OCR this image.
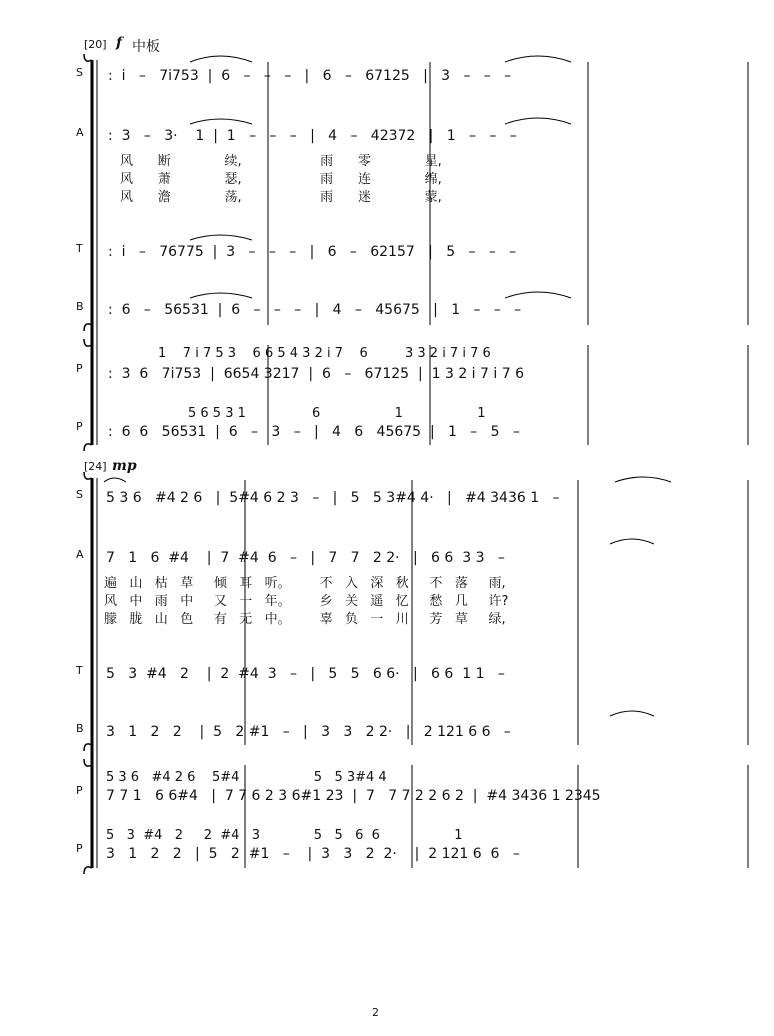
[20] f 中板
S
A
T
B
P
P
:  i   –   7i753  |  6   –   –   –   |   6   –   67125   |   3   –   –   –
:  3   –   3·    1  |  1   –   –   –   |   4   –   42372   |   1   –   –   –
风      断             续,                   雨      零             星,
风      萧             瑟,                   雨      连             绵,
风      澹             荡,                   雨      迷             蒙,
:  i   –   76775  |  3   –   –   –   |   6   –   62157   |   5   –   –   –
:  6   –   56531  |  6   –   –   –   |   4   –   45675   |   1   –   –   –
1    7 i 7 5 3    6 6 5 4 3 2 i 7    6         3 3 2 i 7 i 7 6
:  3  6   7i753  |  6654 3217  |  6   –   67125  |  1 3 2 i 7 i 7 6
5 6 5 3 1                6                  1                  1
:  6  6   56531  |  6   –   3   –   |   4   6   45675  |   1   –   5   –
[24] mp
S
A
T
B
P
P
5 3 6   #4 2 6   |  5#4 6 2 3   –   |   5   5 3#4 4·   |   #4 3436 1   –
7   1   6  #4    |  7  #4  6   –   |   7   7   2 2·   |   6 6  3 3   –
遍   山   枯   草     倾   耳   听。       不   入   深   秋     不   落     雨,
风   中   雨   中     又   一   年。       乡   关   遥   忆     愁   几     许?
朦   胧   山   色     有   无   中。       辜   负   一   川     芳   草     绿,
5   3  #4   2    |  2  #4  3   –   |   5   5   6 6·   |   6 6  1 1   –
3   1   2   2    |  5   2 #1   –   |   3   3   2 2·   |   2 121 6 6   –
5 3 6   #4 2 6    5#4                  5   5 3#4 4
7 7 1   6 6#4   |  7 7 6 2 3 6#1 23  |  7   7 7 2 2 6 2  |  #4 3436 1 2345
5   3  #4   2     2  #4   3             5   5   6  6                  1
3   1   2   2   |  5   2  #1   –    |  3   3   2  2·    |  2 121 6  6   –
2
